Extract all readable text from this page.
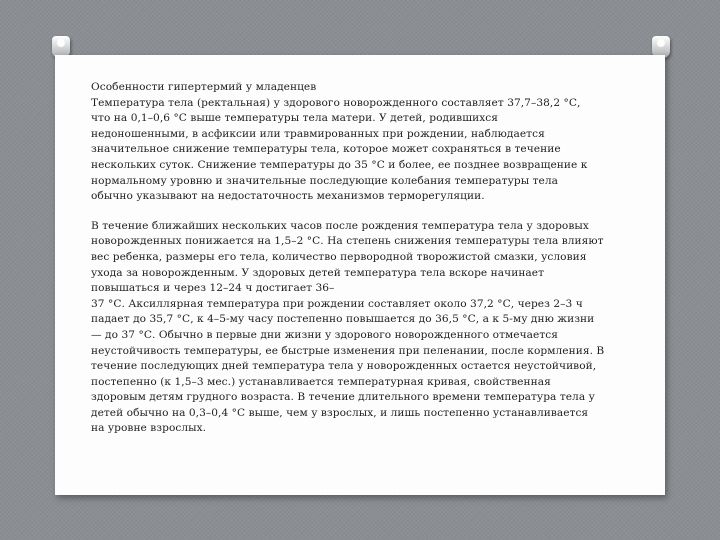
Особенности гипертермий у младенцев
Температура тела (ректальная) у здорового новорожденного составляет 37,7–38,2 °С,
что на 0,1–0,6 °С выше температуры тела матери. У детей, родившихся
недоношенными, в асфиксии или травмированных при рождении, наблюдается
значительное снижение температуры тела, которое может сохраняться в течение
нескольких суток. Снижение температуры до 35 °С и более, ее позднее возвращение к
нормальному уровню и значительные последующие колебания температуры тела
обычно указывают на недостаточность механизмов терморегуляции.
В течение ближайших нескольких часов после рождения температура тела у здоровых
новорожденных понижается на 1,5–2 °С. На степень снижения температуры тела влияют
вес ребенка, размеры его тела, количество первородной творожистой смазки, условия
ухода за новорожденным. У здоровых детей температура тела вскоре начинает
повышаться и через 12–24 ч достигает 36–
37 °С. Аксиллярная температура при рождении составляет около 37,2 °С, через 2–3 ч
падает до 35,7 °С, к 4–5-му часу постепенно повышается до 36,5 °С, а к 5-му дню жизни
— до 37 °С. Обычно в первые дни жизни у здорового новорожденного отмечается
неустойчивость температуры, ее быстрые изменения при пеленании, после кормления. В
течение последующих дней температура тела у новорожденных остается неустойчивой,
постепенно (к 1,5–3 мес.) устанавливается температурная кривая, свойственная
здоровым детям грудного возраста. В течение длительного времени температура тела у
детей обычно на 0,3–0,4 °С выше, чем у взрослых, и лишь постепенно устанавливается
на уровне взрослых.
